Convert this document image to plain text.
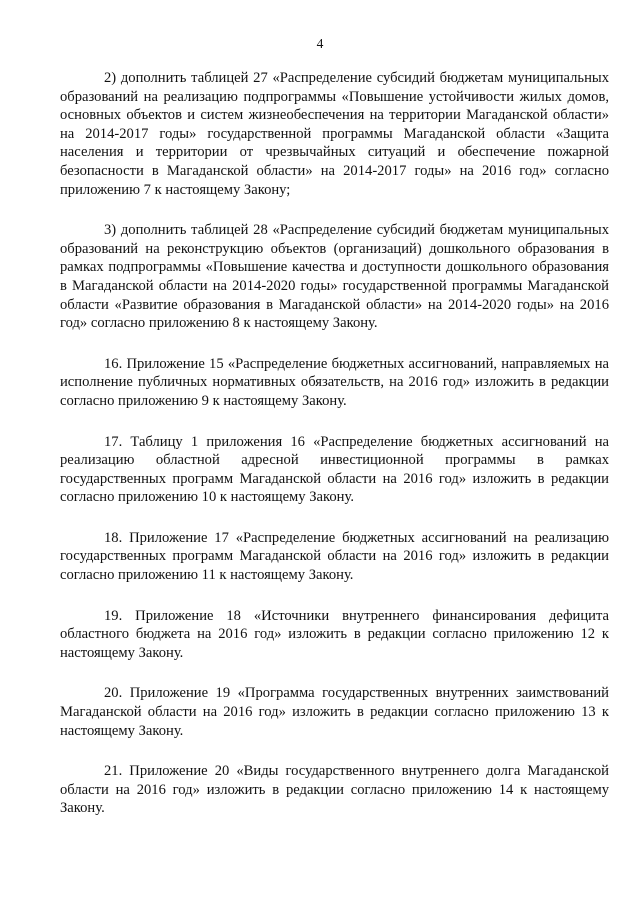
4

2) дополнить таблицей 27 «Распределение субсидий бюджетам муниципальных образований на реализацию подпрограммы «Повышение устойчивости жилых домов, основных объектов и систем жизнеобеспечения на территории Магаданской области» на 2014-2017 годы» государственной программы Магаданской области «Защита населения и территории от чрезвычайных ситуаций и обеспечение пожарной безопасности в Магаданской области» на 2014-2017 годы» на 2016 год» согласно приложению 7 к настоящему Закону;

3) дополнить таблицей 28 «Распределение субсидий бюджетам муниципальных образований на реконструкцию объектов (организаций) дошкольного образования в рамках подпрограммы «Повышение качества и доступности дошкольного образования в Магаданской области на 2014-2020 годы» государственной программы Магаданской области «Развитие образования в Магаданской области» на 2014-2020 годы» на 2016 год» согласно приложению 8 к настоящему Закону.

16. Приложение 15 «Распределение бюджетных ассигнований, направляемых на исполнение публичных нормативных обязательств, на 2016 год» изложить в редакции согласно приложению 9 к настоящему Закону.

17. Таблицу 1 приложения 16 «Распределение бюджетных ассигнований на реализацию областной адресной инвестиционной программы в рамках государственных программ Магаданской области на 2016 год» изложить в редакции согласно приложению 10 к настоящему Закону.

18. Приложение 17 «Распределение бюджетных ассигнований на реализацию государственных программ Магаданской области на 2016 год» изложить в редакции согласно приложению 11 к настоящему Закону.

19. Приложение 18 «Источники внутреннего финансирования дефицита областного бюджета на 2016 год» изложить в редакции согласно приложению 12 к настоящему Закону.

20. Приложение 19 «Программа государственных внутренних заимствований Магаданской области на 2016 год» изложить в редакции согласно приложению 13 к настоящему Закону.

21. Приложение 20 «Виды государственного внутреннего долга Магаданской области на 2016 год» изложить в редакции согласно приложению 14 к настоящему Закону.
